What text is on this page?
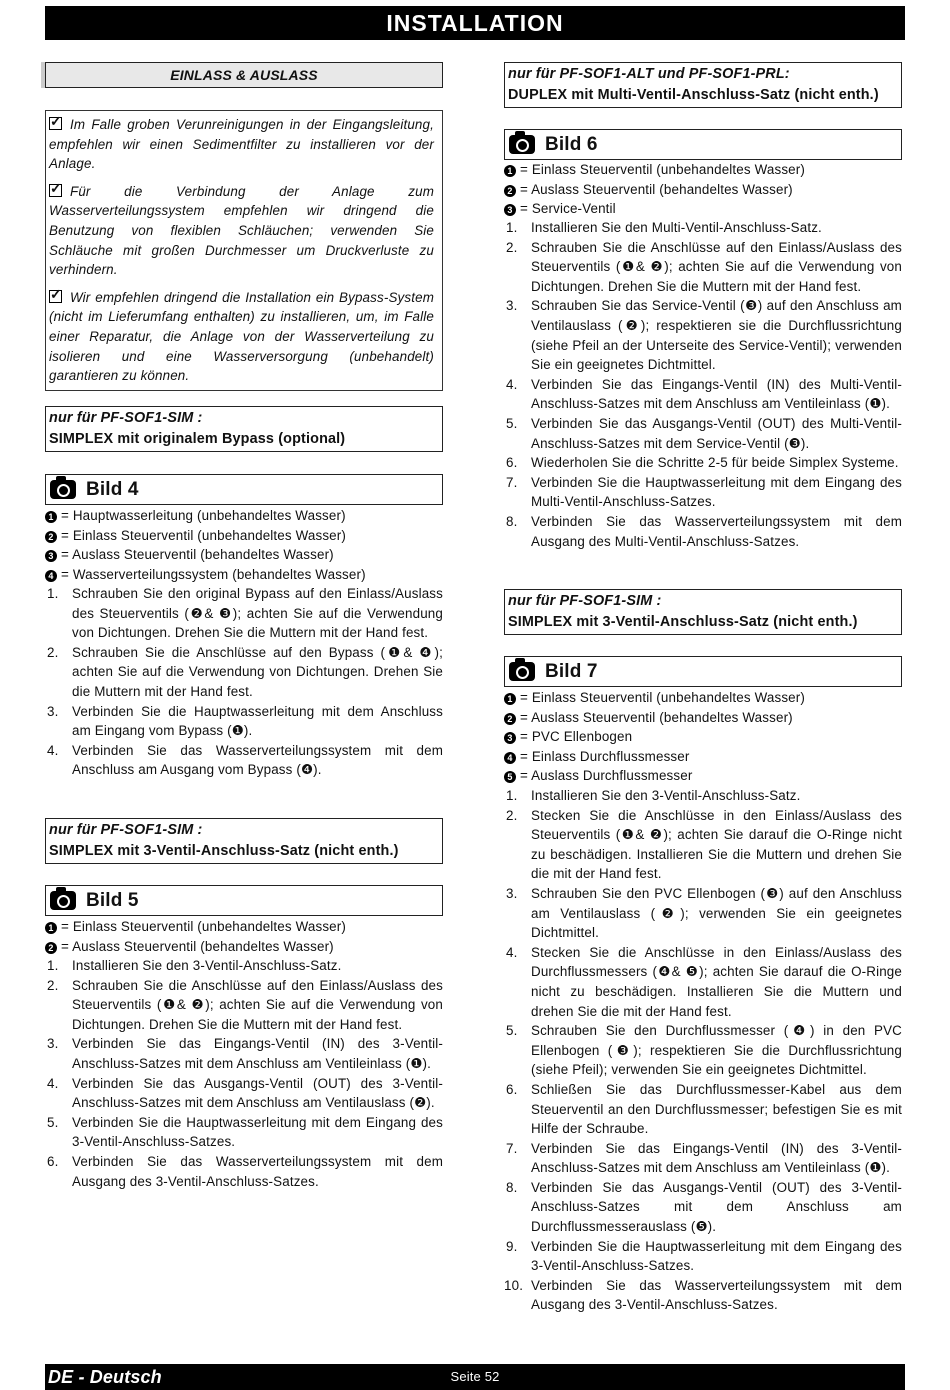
INSTALLATION
EINLASS & AUSLASS

✓Im Falle groben Verunreinigungen in der Eingangsleitung, empfehlen wir einen Sedimentfilter zu installieren vor der Anlage.

✓Für die Verbindung der Anlage zum Wasserverteilungssystem empfehlen wir dringend die Benutzung von flexiblen Schläuchen; verwenden Sie Schläuche mit großen Durchmesser um Druckverluste zu verhindern.

✓Wir empfehlen dringend die Installation ein Bypass-System (nicht im Lieferumfang enthalten) zu installieren, um, im Falle einer Reparatur, die Anlage von der Wasserverteilung zu isolieren und eine Wasserversorgung (unbehandelt) garantieren zu können.

nur für PF-SOF1-SIM :
SIMPLEX mit originalem Bypass (optional)
Bild 4
1 = Hauptwasserleitung (unbehandeltes Wasser)
2 = Einlass Steuerventil (unbehandeltes Wasser)
3 = Auslass Steuerventil (behandeltes Wasser)
4 = Wasserverteilungssystem (behandeltes Wasser)
1. Schrauben Sie den original Bypass auf den Einlass/Auslass des Steuerventils (❷& ❸); achten Sie auf die Verwendung von Dichtungen. Drehen Sie die Muttern mit der Hand fest.
2. Schrauben Sie die Anschlüsse auf den Bypass (❶& ❹); achten Sie auf die Verwendung von Dichtungen. Drehen Sie die Muttern mit der Hand fest.
3. Verbinden Sie die Hauptwasserleitung mit dem Anschluss am Eingang vom Bypass (❶).
4. Verbinden Sie das Wasserverteilungssystem mit dem Anschluss am Ausgang vom Bypass (❹).
nur für PF-SOF1-SIM :
SIMPLEX mit 3-Ventil-Anschluss-Satz (nicht enth.)
Bild 5
1 = Einlass Steuerventil (unbehandeltes Wasser)
2 = Auslass Steuerventil (behandeltes Wasser)
1. Installieren Sie den 3-Ventil-Anschluss-Satz.
2. Schrauben Sie die Anschlüsse auf den Einlass/Auslass des Steuerventils (❶& ❷); achten Sie auf die Verwendung von Dichtungen. Drehen Sie die Muttern mit der Hand fest.
3. Verbinden Sie das Eingangs-Ventil (IN) des 3-Ventil-Anschluss-Satzes mit dem Anschluss am Ventileinlass (❶).
4. Verbinden Sie das Ausgangs-Ventil (OUT) des 3-Ventil-Anschluss-Satzes mit dem Anschluss am Ventilauslass (❷).
5. Verbinden Sie die Hauptwasserleitung mit dem Eingang des 3-Ventil-Anschluss-Satzes.
6. Verbinden Sie das Wasserverteilungssystem mit dem Ausgang des 3-Ventil-Anschluss-Satzes.
nur für PF-SOF1-ALT und PF-SOF1-PRL:
DUPLEX mit Multi-Ventil-Anschluss-Satz (nicht enth.)
Bild 6
1 = Einlass Steuerventil (unbehandeltes Wasser)
2 = Auslass Steuerventil (behandeltes Wasser)
3 = Service-Ventil
1. Installieren Sie den Multi-Ventil-Anschluss-Satz.
2. Schrauben Sie die Anschlüsse auf den Einlass/Auslass des Steuerventils (❶& ❷); achten Sie auf die Verwendung von Dichtungen. Drehen Sie die Muttern mit der Hand fest.
3. Schrauben Sie das Service-Ventil (❸) auf den Anschluss am Ventilauslass (❷); respektieren sie die Durchflussrichtung (siehe Pfeil an der Unterseite des Service-Ventil); verwenden Sie ein geeignetes Dichtmittel.
4. Verbinden Sie das Eingangs-Ventil (IN) des Multi-Ventil-Anschluss-Satzes mit dem Anschluss am Ventileinlass (❶).
5. Verbinden Sie das Ausgangs-Ventil (OUT) des Multi-Ventil-Anschluss-Satzes mit dem Service-Ventil (❸).
6. Wiederholen Sie die Schritte 2-5 für beide Simplex Systeme.
7. Verbinden Sie die Hauptwasserleitung mit dem Eingang des Multi-Ventil-Anschluss-Satzes.
8. Verbinden Sie das Wasserverteilungssystem mit dem Ausgang des Multi-Ventil-Anschluss-Satzes.
nur für PF-SOF1-SIM :
SIMPLEX mit 3-Ventil-Anschluss-Satz (nicht enth.)
Bild 7
1 = Einlass Steuerventil (unbehandeltes Wasser)
2 = Auslass Steuerventil (behandeltes Wasser)
3 = PVC Ellenbogen
4 = Einlass Durchflussmesser
5 = Auslass Durchflussmesser
1. Installieren Sie den 3-Ventil-Anschluss-Satz.
2. Stecken Sie die Anschlüsse in den Einlass/Auslass des Steuerventils (❶& ❷); achten Sie darauf die O-Ringe nicht zu beschädigen. Installieren Sie die Muttern und drehen Sie die mit der Hand fest.
3. Schrauben Sie den PVC Ellenbogen (❸) auf den Anschluss am Ventilauslass (❷); verwenden Sie ein geeignetes Dichtmittel.
4. Stecken Sie die Anschlüsse in den Einlass/Auslass des Durchflussmessers (❹& ❺); achten Sie darauf die O-Ringe nicht zu beschädigen. Installieren Sie die Muttern und drehen Sie die mit der Hand fest.
5. Schrauben Sie den Durchflussmesser (❹) in den PVC Ellenbogen (❸); respektieren Sie die Durchflussrichtung (siehe Pfeil); verwenden Sie ein geeignetes Dichtmittel.
6. Schließen Sie das Durchflussmesser-Kabel aus dem Steuerventil an den Durchflussmesser; befestigen Sie es mit Hilfe der Schraube.
7. Verbinden Sie das Eingangs-Ventil (IN) des 3-Ventil-Anschluss-Satzes mit dem Anschluss am Ventileinlass (❶).
8. Verbinden Sie das Ausgangs-Ventil (OUT) des 3-Ventil-Anschluss-Satzes mit dem Anschluss am Durchflussmesserauslass (❺).
9. Verbinden Sie die Hauptwasserleitung mit dem Eingang des 3-Ventil-Anschluss-Satzes.
10. Verbinden Sie das Wasserverteilungssystem mit dem Ausgang des 3-Ventil-Anschluss-Satzes.
Seite 52
DE - Deutsch
